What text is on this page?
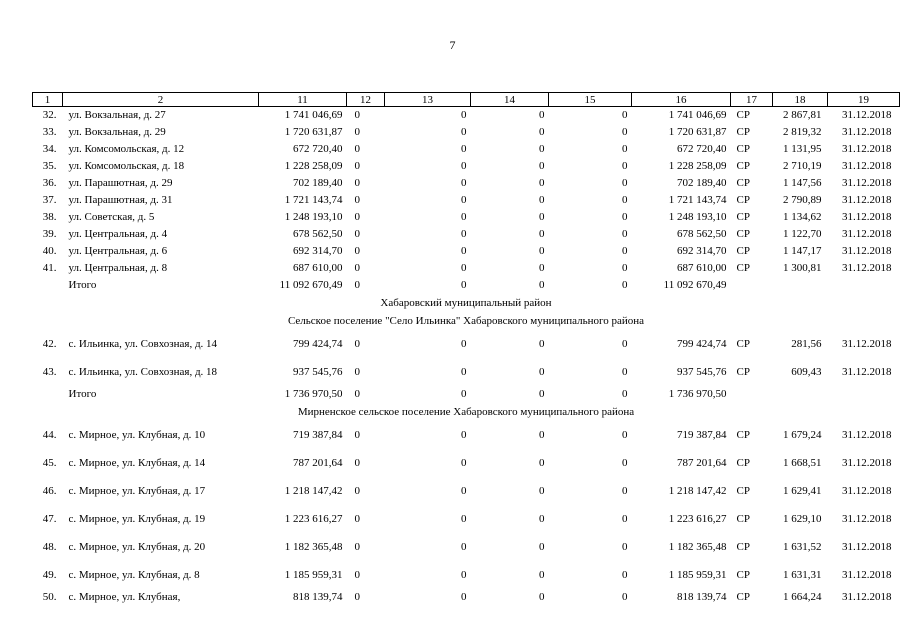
7
1	2	11	12	13	14	15	16	17	18	19
32.	ул. Вокзальная, д. 27	1 741 046,69	0	0	0	0	1 741 046,69	СР	2 867,81	31.12.2018
33.	ул. Вокзальная, д. 29	1 720 631,87	0	0	0	0	1 720 631,87	СР	2 819,32	31.12.2018
34.	ул. Комсомольская, д. 12	672 720,40	0	0	0	0	672 720,40	СР	1 131,95	31.12.2018
35.	ул. Комсомольская, д. 18	1 228 258,09	0	0	0	0	1 228 258,09	СР	2 710,19	31.12.2018
36.	ул. Парашютная, д. 29	702 189,40	0	0	0	0	702 189,40	СР	1 147,56	31.12.2018
37.	ул. Парашютная, д. 31	1 721 143,74	0	0	0	0	1 721 143,74	СР	2 790,89	31.12.2018
38.	ул. Советская, д. 5	1 248 193,10	0	0	0	0	1 248 193,10	СР	1 134,62	31.12.2018
39.	ул. Центральная, д. 4	678 562,50	0	0	0	0	678 562,50	СР	1 122,70	31.12.2018
40.	ул. Центральная, д. 6	692 314,70	0	0	0	0	692 314,70	СР	1 147,17	31.12.2018
41.	ул. Центральная, д. 8	687 610,00	0	0	0	0	687 610,00	СР	1 300,81	31.12.2018
	Итого	11 092 670,49	0	0	0	0	11 092 670,49			
Хабаровский муниципальный район										
Сельское поселение "Село Ильинка" Хабаровского муниципального района										
42.	с. Ильинка, ул. Совхозная, д. 14	799 424,74	0	0	0	0	799 424,74	СР	281,56	31.12.2018
43.	с. Ильинка, ул. Совхозная, д. 18	937 545,76	0	0	0	0	937 545,76	СР	609,43	31.12.2018
	Итого	1 736 970,50	0	0	0	0	1 736 970,50			
Мирненское сельское поселение Хабаровского муниципального района										
44.	с. Мирное, ул. Клубная, д. 10	719 387,84	0	0	0	0	719 387,84	СР	1 679,24	31.12.2018
45.	с. Мирное, ул. Клубная, д. 14	787 201,64	0	0	0	0	787 201,64	СР	1 668,51	31.12.2018
46.	с. Мирное, ул. Клубная, д. 17	1 218 147,42	0	0	0	0	1 218 147,42	СР	1 629,41	31.12.2018
47.	с. Мирное, ул. Клубная, д. 19	1 223 616,27	0	0	0	0	1 223 616,27	СР	1 629,10	31.12.2018
48.	с. Мирное, ул. Клубная, д. 20	1 182 365,48	0	0	0	0	1 182 365,48	СР	1 631,52	31.12.2018
49.	с. Мирное, ул. Клубная, д. 8	1 185 959,31	0	0	0	0	1 185 959,31	СР	1 631,31	31.12.2018
50.	с. Мирное, ул. Клубная,	818 139,74	0	0	0	0	818 139,74	СР	1 664,24	31.12.2018
